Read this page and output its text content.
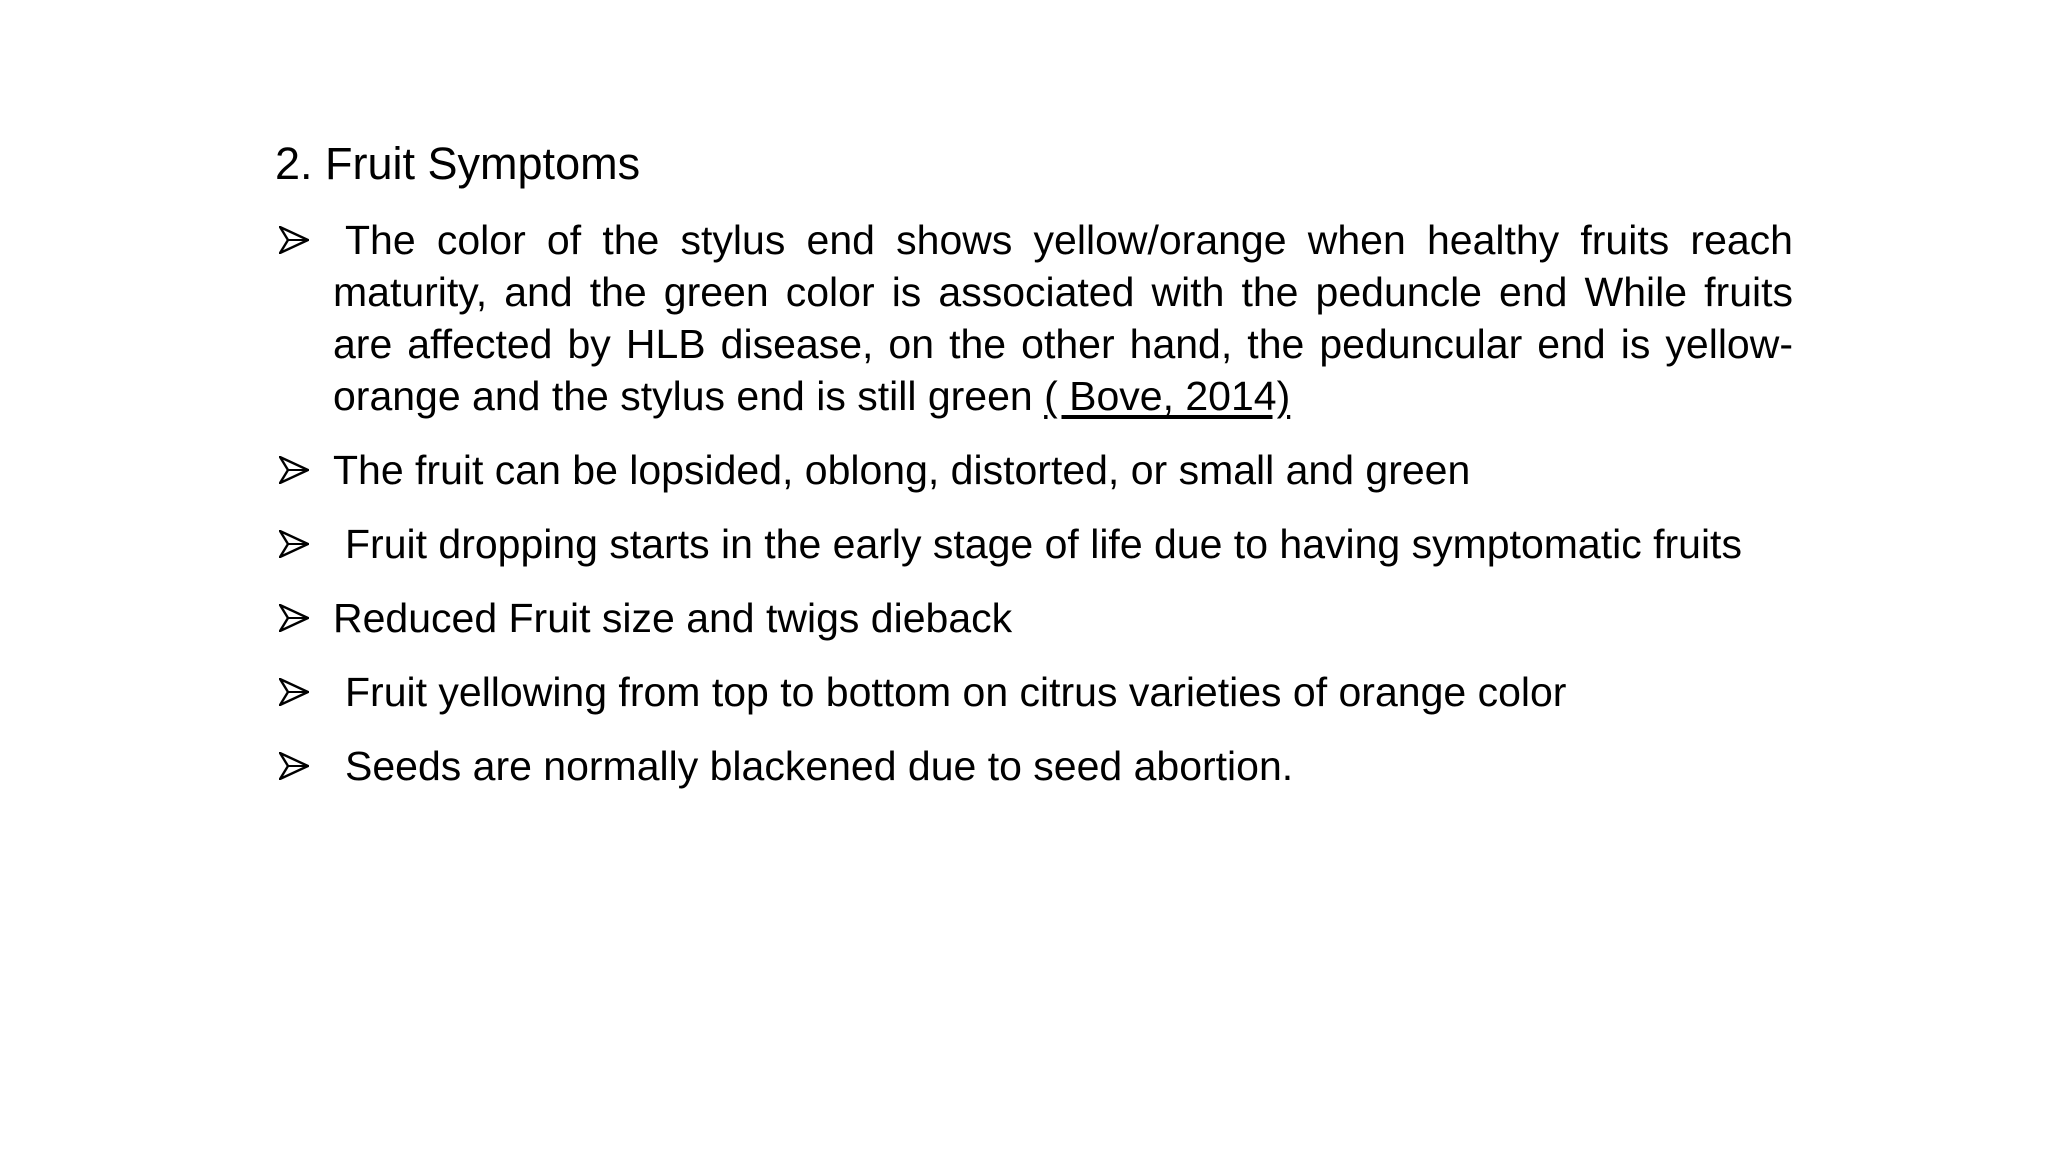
2. Fruit Symptoms
The color of the stylus end shows yellow/orange when healthy fruits reach maturity, and the green color is associated with the peduncle end While fruits are affected by HLB disease, on the other hand, the peduncular end is yellow-orange and the stylus end is still green ( Bove, 2014)
The fruit can be lopsided, oblong, distorted, or small and green
Fruit dropping starts in the early stage of life due to having symptomatic fruits
Reduced Fruit size and twigs dieback
Fruit yellowing from top to bottom on citrus varieties of orange color
Seeds are normally blackened due to seed abortion.
